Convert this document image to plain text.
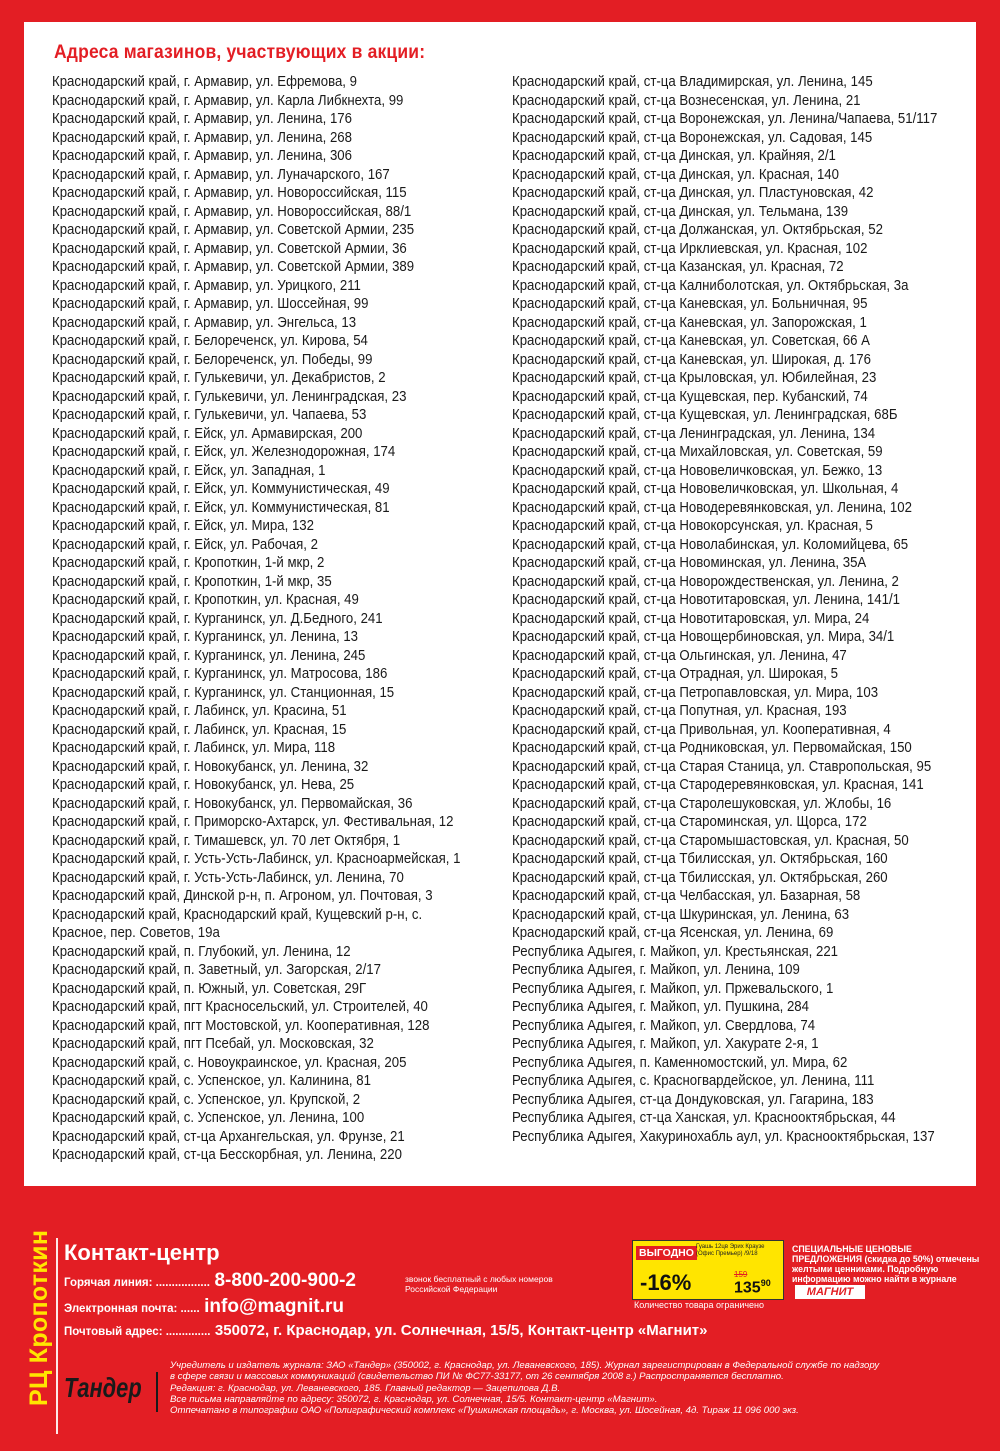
Адреса магазинов, участвующих в акции:
Краснодарский край, г. Армавир, ул. Ефремова, 9
Краснодарский край, г. Армавир, ул. Карла Либкнехта, 99
Краснодарский край, г. Армавир, ул. Ленина, 176
Краснодарский край, г. Армавир, ул. Ленина, 268
Краснодарский край, г. Армавир, ул. Ленина, 306
Краснодарский край, г. Армавир, ул. Луначарского, 167
Краснодарский край, г. Армавир, ул. Новороссийская, 115
Краснодарский край, г. Армавир, ул. Новороссийская, 88/1
Краснодарский край, г. Армавир, ул. Советской Армии, 235
Краснодарский край, г. Армавир, ул. Советской Армии, 36
Краснодарский край, г. Армавир, ул. Советской Армии, 389
Краснодарский край, г. Армавир, ул. Урицкого, 211
Краснодарский край, г. Армавир, ул. Шоссейная, 99
Краснодарский край, г. Армавир, ул. Энгельса, 13
Краснодарский край, г. Белореченск, ул. Кирова, 54
Краснодарский край, г. Белореченск, ул. Победы, 99
Краснодарский край, г. Гулькевичи, ул. Декабристов, 2
Краснодарский край, г. Гулькевичи, ул. Ленинградская, 23
Краснодарский край, г. Гулькевичи, ул. Чапаева, 53
Краснодарский край, г. Ейск, ул. Армавирская, 200
Краснодарский край, г. Ейск, ул. Железнодорожная, 174
Краснодарский край, г. Ейск, ул. Западная, 1
Краснодарский край, г. Ейск, ул. Коммунистическая, 49
Краснодарский край, г. Ейск, ул. Коммунистическая, 81
Краснодарский край, г. Ейск, ул. Мира, 132
Краснодарский край, г. Ейск, ул. Рабочая, 2
Краснодарский край, г. Кропоткин, 1-й мкр, 2
Краснодарский край, г. Кропоткин, 1-й мкр, 35
Краснодарский край, г. Кропоткин, ул. Красная, 49
Краснодарский край, г. Курганинск, ул. Д.Бедного, 241
Краснодарский край, г. Курганинск, ул. Ленина, 13
Краснодарский край, г. Курганинск, ул. Ленина, 245
Краснодарский край, г. Курганинск, ул. Матросова, 186
Краснодарский край, г. Курганинск, ул. Станционная, 15
Краснодарский край, г. Лабинск, ул. Красина, 51
Краснодарский край, г. Лабинск, ул. Красная, 15
Краснодарский край, г. Лабинск, ул. Мира, 118
Краснодарский край, г. Новокубанск, ул. Ленина, 32
Краснодарский край, г. Новокубанск, ул. Нева, 25
Краснодарский край, г. Новокубанск, ул. Первомайская, 36
Краснодарский край, г. Приморско-Ахтарск, ул. Фестивальная, 12
Краснодарский край, г. Тимашевск, ул. 70 лет Октября, 1
Краснодарский край, г. Усть-Усть-Лабинск, ул. Красноармейская, 1
Краснодарский край, г. Усть-Усть-Лабинск, ул. Ленина, 70
Краснодарский край, Динской р-н, п. Агроном, ул. Почтовая, 3
Краснодарский край, Краснодарский край, Кущевский р-н, с.
Красное, пер. Советов, 19а
Краснодарский край, п. Глубокий, ул. Ленина, 12
Краснодарский край, п. Заветный, ул. Загорская, 2/17
Краснодарский край, п. Южный, ул. Советская, 29Г
Краснодарский край, пгт Красносельский, ул. Строителей, 40
Краснодарский край, пгт Мостовской, ул. Кооперативная, 128
Краснодарский край, пгт Псебай, ул. Московская, 32
Краснодарский край, с. Новоукраинское, ул. Красная, 205
Краснодарский край, с. Успенское, ул. Калинина, 81
Краснодарский край, с. Успенское, ул. Крупской, 2
Краснодарский край, с. Успенское, ул. Ленина, 100
Краснодарский край, ст-ца Архангельская, ул. Фрунзе, 21
Краснодарский край, ст-ца Бесскорбная, ул. Ленина, 220
Краснодарский край, ст-ца Владимирская, ул. Ленина, 145
Краснодарский край, ст-ца Вознесенская, ул. Ленина, 21
Краснодарский край, ст-ца Воронежская, ул. Ленина/Чапаева, 51/117
Краснодарский край, ст-ца Воронежская, ул. Садовая, 145
Краснодарский край, ст-ца Динская, ул. Крайняя, 2/1
Краснодарский край, ст-ца Динская, ул. Красная, 140
Краснодарский край, ст-ца Динская, ул. Пластуновская, 42
Краснодарский край, ст-ца Динская, ул. Тельмана, 139
Краснодарский край, ст-ца Должанская, ул. Октябрьская, 52
Краснодарский край, ст-ца Ирклиевская, ул. Красная, 102
Краснодарский край, ст-ца Казанская, ул. Красная, 72
Краснодарский край, ст-ца Калниболотская, ул. Октябрьская, 3а
Краснодарский край, ст-ца Каневская, ул. Больничная, 95
Краснодарский край, ст-ца Каневская, ул. Запорожская, 1
Краснодарский край, ст-ца Каневская, ул. Советская, 66 А
Краснодарский край, ст-ца Каневская, ул. Широкая, д. 176
Краснодарский край, ст-ца Крыловская, ул. Юбилейная, 23
Краснодарский край, ст-ца Кущевская, пер. Кубанский, 74
Краснодарский край, ст-ца Кущевская, ул. Ленинградская, 68Б
Краснодарский край, ст-ца Ленинградская, ул. Ленина, 134
Краснодарский край, ст-ца Михайловская, ул. Советская, 59
Краснодарский край, ст-ца Нововеличковская, ул. Бежко, 13
Краснодарский край, ст-ца Нововеличковская, ул. Школьная, 4
Краснодарский край, ст-ца Новодеревянковская, ул. Ленина, 102
Краснодарский край, ст-ца Новокорсунская, ул. Красная, 5
Краснодарский край, ст-ца Новолабинская, ул. Коломийцева, 65
Краснодарский край, ст-ца Новоминская, ул. Ленина, 35А
Краснодарский край, ст-ца Новорождественская, ул. Ленина, 2
Краснодарский край, ст-ца Новотитаровская, ул. Ленина, 141/1
Краснодарский край, ст-ца Новотитаровская, ул. Мира, 24
Краснодарский край, ст-ца Новощербиновская, ул. Мира, 34/1
Краснодарский край, ст-ца Ольгинская, ул. Ленина, 47
Краснодарский край, ст-ца Отрадная, ул. Широкая, 5
Краснодарский край, ст-ца Петропавловская, ул. Мира, 103
Краснодарский край, ст-ца Попутная, ул. Красная, 193
Краснодарский край, ст-ца Привольная, ул. Кооперативная, 4
Краснодарский край, ст-ца Родниковская, ул. Первомайская, 150
Краснодарский край, ст-ца Старая Станица, ул. Ставропольская, 95
Краснодарский край, ст-ца Стародеревянковская, ул. Красная, 141
Краснодарский край, ст-ца Старолешуковская, ул. Жлобы, 16
Краснодарский край, ст-ца Староминская, ул. Щорса, 172
Краснодарский край, ст-ца Старомышастовская, ул. Красная, 50
Краснодарский край, ст-ца Тбилисская, ул. Октябрьская, 160
Краснодарский край, ст-ца Тбилисская, ул. Октябрьская, 260
Краснодарский край, ст-ца Челбасская, ул. Базарная, 58
Краснодарский край, ст-ца Шкуринская, ул. Ленина, 63
Краснодарский край, ст-ца Ясенская, ул. Ленина, 69
Республика Адыгея, г. Майкоп, ул. Крестьянская, 221
Республика Адыгея, г. Майкоп, ул. Ленина, 109
Республика Адыгея, г. Майкоп, ул. Пржевальского, 1
Республика Адыгея, г. Майкоп, ул. Пушкина, 284
Республика Адыгея, г. Майкоп, ул. Свердлова, 74
Республика Адыгея, г. Майкоп, ул. Хакурате 2-я, 1
Республика Адыгея, п. Каменномостский, ул. Мира, 62
Республика Адыгея, с. Красногвардейское, ул. Ленина, 111
Республика Адыгея, ст-ца Дондуковская, ул. Гагарина, 183
Республика Адыгея, ст-ца Ханская, ул. Краснооктябрьская, 44
Республика Адыгея, Хакуринохабль аул, ул. Краснооктябрьская, 137
РЦ Кропоткин Контакт-центр
Горячая линия: ................. 8-800-200-900-2	звонок бесплатный с любых номеров Российской Федерации
Электронная почта: ...... info@magnit.ru
Почтовый адрес: .............. 350072, г. Краснодар, ул. Солнечная, 15/5, Контакт-центр «Магнит»
ВЫГОДНО
-16%
Гуашь 12цв Эрих Краузе (Офис Премьер) /9/18
159
$135^{90}$
Количество товара ограничено
СПЕЦИАЛЬНЫЕ ЦЕНОВЫЕ ПРЕДЛОЖЕНИЯ (скидка до 50%) отмечены желтыми ценниками. Подробную информацию можно найти в журнале
МАГНИТ
Тандер
Учредитель и издатель журнала: ЗАО «Тандер» (350002, г. Краснодар, ул. Леваневского, 185). Журнал зарегистрирован в Федеральной службе по надзору
в сфере связи и массовых коммуникаций (свидетельство ПИ № ФС77-33177, от 26 сентября 2008 г.) Распространяется бесплатно.
Редакция: г. Краснодар, ул. Леваневского, 185. Главный редактор — Зацепилова Д.В.
Все письма направляйте по адресу: 350072, г. Краснодар, ул. Солнечная, 15/5. Контакт-центр «Магнит».
Отпечатано в типографии ОАО «Полиграфический комплекс «Пушкинская площадь», г. Москва, ул. Шосейная, 4д. Тираж 11 096 000 экз.
